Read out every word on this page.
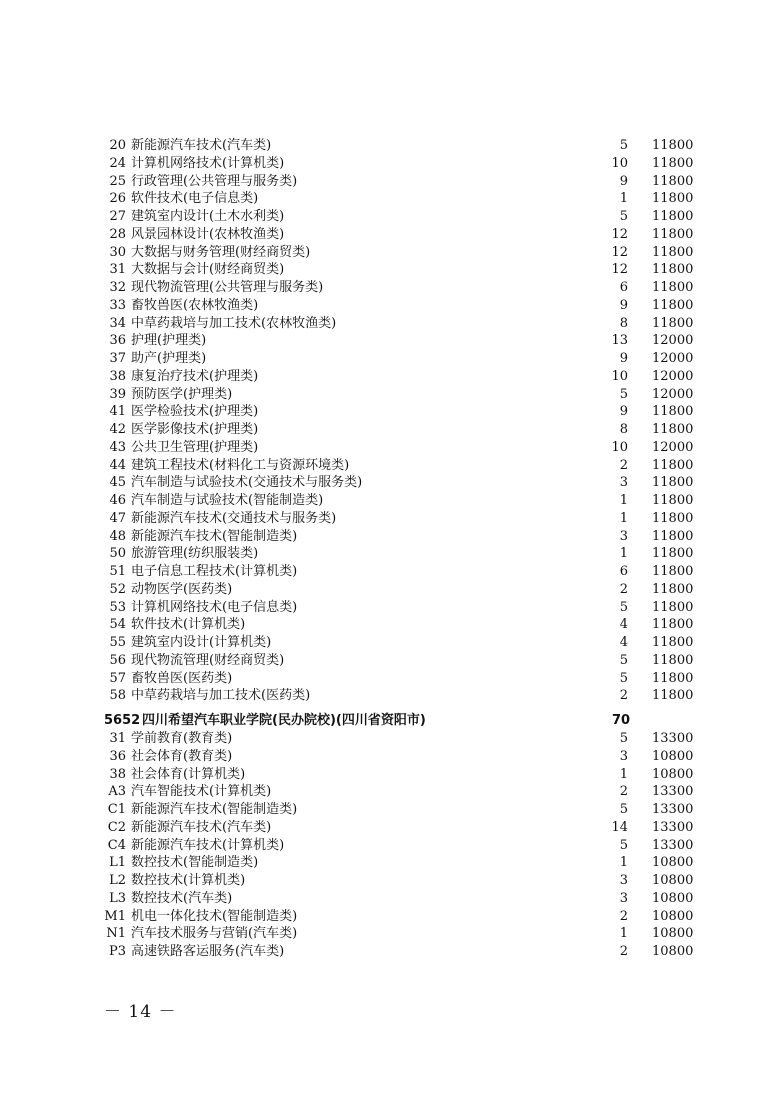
20 新能源汽车技术(汽车类)	5 11800
24 计算机网络技术(计算机类)	10 11800
25 行政管理(公共管理与服务类)	9 11800
26 软件技术(电子信息类)	1 11800
27 建筑室内设计(土木水利类)	5 11800
28 风景园林设计(农林牧渔类)	12 11800
30 大数据与财务管理(财经商贸类)	12 11800
31 大数据与会计(财经商贸类)	12 11800
32 现代物流管理(公共管理与服务类)	6 11800
33 畜牧兽医(农林牧渔类)	9 11800
34 中草药栽培与加工技术(农林牧渔类)	8 11800
36 护理(护理类)	13 12000
37 助产(护理类)	9 12000
38 康复治疗技术(护理类)	10 12000
39 预防医学(护理类)	5 12000
41 医学检验技术(护理类)	9 11800
42 医学影像技术(护理类)	8 11800
43 公共卫生管理(护理类)	10 12000
44 建筑工程技术(材料化工与资源环境类)	2 11800
45 汽车制造与试验技术(交通技术与服务类)	3 11800
46 汽车制造与试验技术(智能制造类)	1 11800
47 新能源汽车技术(交通技术与服务类)	1 11800
48 新能源汽车技术(智能制造类)	3 11800
50 旅游管理(纺织服装类)	1 11800
51 电子信息工程技术(计算机类)	6 11800
52 动物医学(医药类)	2 11800
53 计算机网络技术(电子信息类)	5 11800
54 软件技术(计算机类)	4 11800
55 建筑室内设计(计算机类)	4 11800
56 现代物流管理(财经商贸类)	5 11800
57 畜牧兽医(医药类)	5 11800
58 中草药栽培与加工技术(医药类)	2 11800
5652 四川希望汽车职业学院(民办院校)(四川省资阳市)	70
31 学前教育(教育类)	5 13300
36 社会体育(教育类)	3 10800
38 社会体育(计算机类)	1 10800
A3 汽车智能技术(计算机类)	2 13300
C1 新能源汽车技术(智能制造类)	5 13300
C2 新能源汽车技术(汽车类)	14 13300
C4 新能源汽车技术(计算机类)	5 13300
L1 数控技术(智能制造类)	1 10800
L2 数控技术(计算机类)	3 10800
L3 数控技术(汽车类)	3 10800
M1 机电一体化技术(智能制造类)	2 10800
N1 汽车技术服务与营销(汽车类)	1 10800
P3 高速铁路客运服务(汽车类)	2 10800
－ 14 －
